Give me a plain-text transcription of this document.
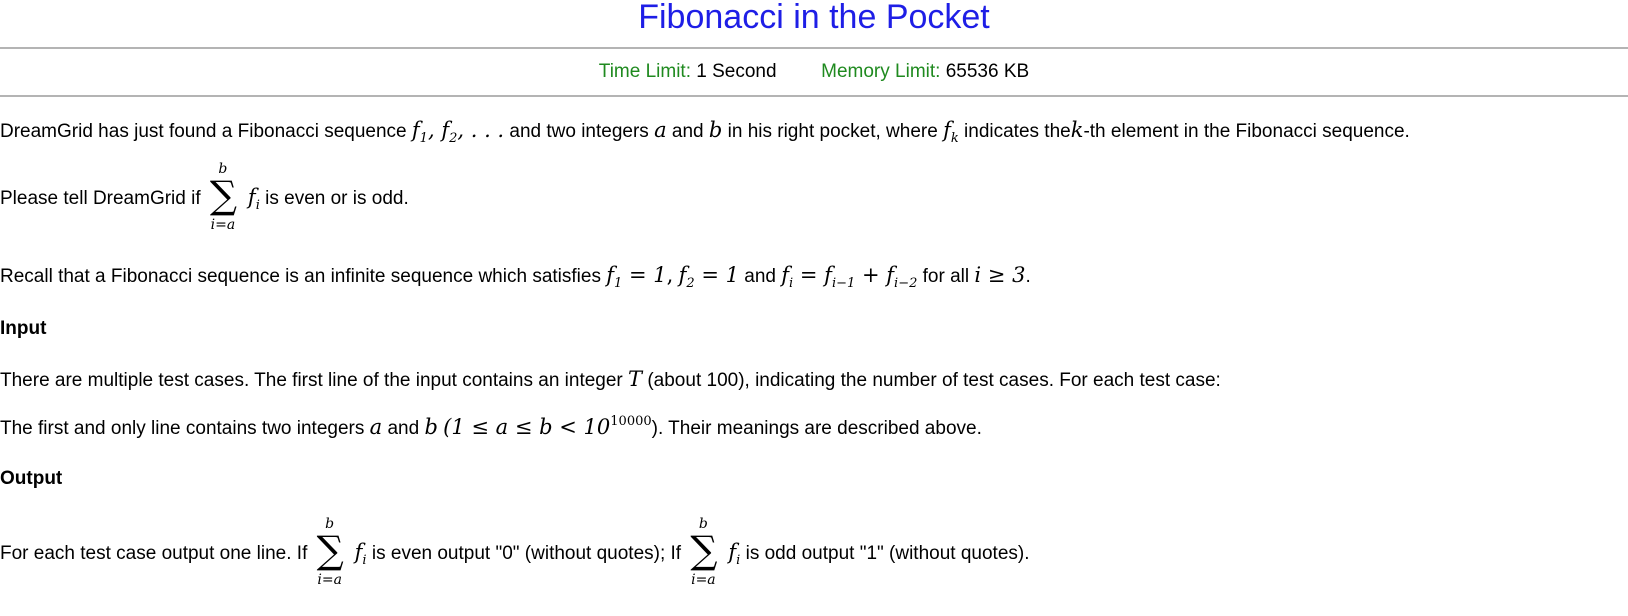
Fibonacci in the Pocket
Time Limit: 1 Second Memory Limit: 65536 KB
DreamGrid has just found a Fibonacci sequence $f_1$, $f_2$, . . . and two integers a and b in his right pocket, where $f_k$ indicates thek-th element in the Fibonacci sequence.
Please tell DreamGrid if
b
∑
i=a
$f_i$ is even or is odd.
Recall that a Fibonacci sequence is an infinite sequence which satisfies $f_1 = 1$, $f_2 = 1$ and $f_i = f_{i-1} + f_{i-2}$ for all i ≥ 3.
Input
There are multiple test cases. The first line of the input contains an integer T (about 100), indicating the number of test cases. For each test case:
The first and only line contains two integers a and b $(1 \le a \le b < 10^{10000})$. Their meanings are described above.
Output
For each test case output one line. If
b
∑
i=a
$f_i$ is even output "0" (without quotes); If
b
∑
i=a
$f_i$ is odd output "1" (without quotes).
